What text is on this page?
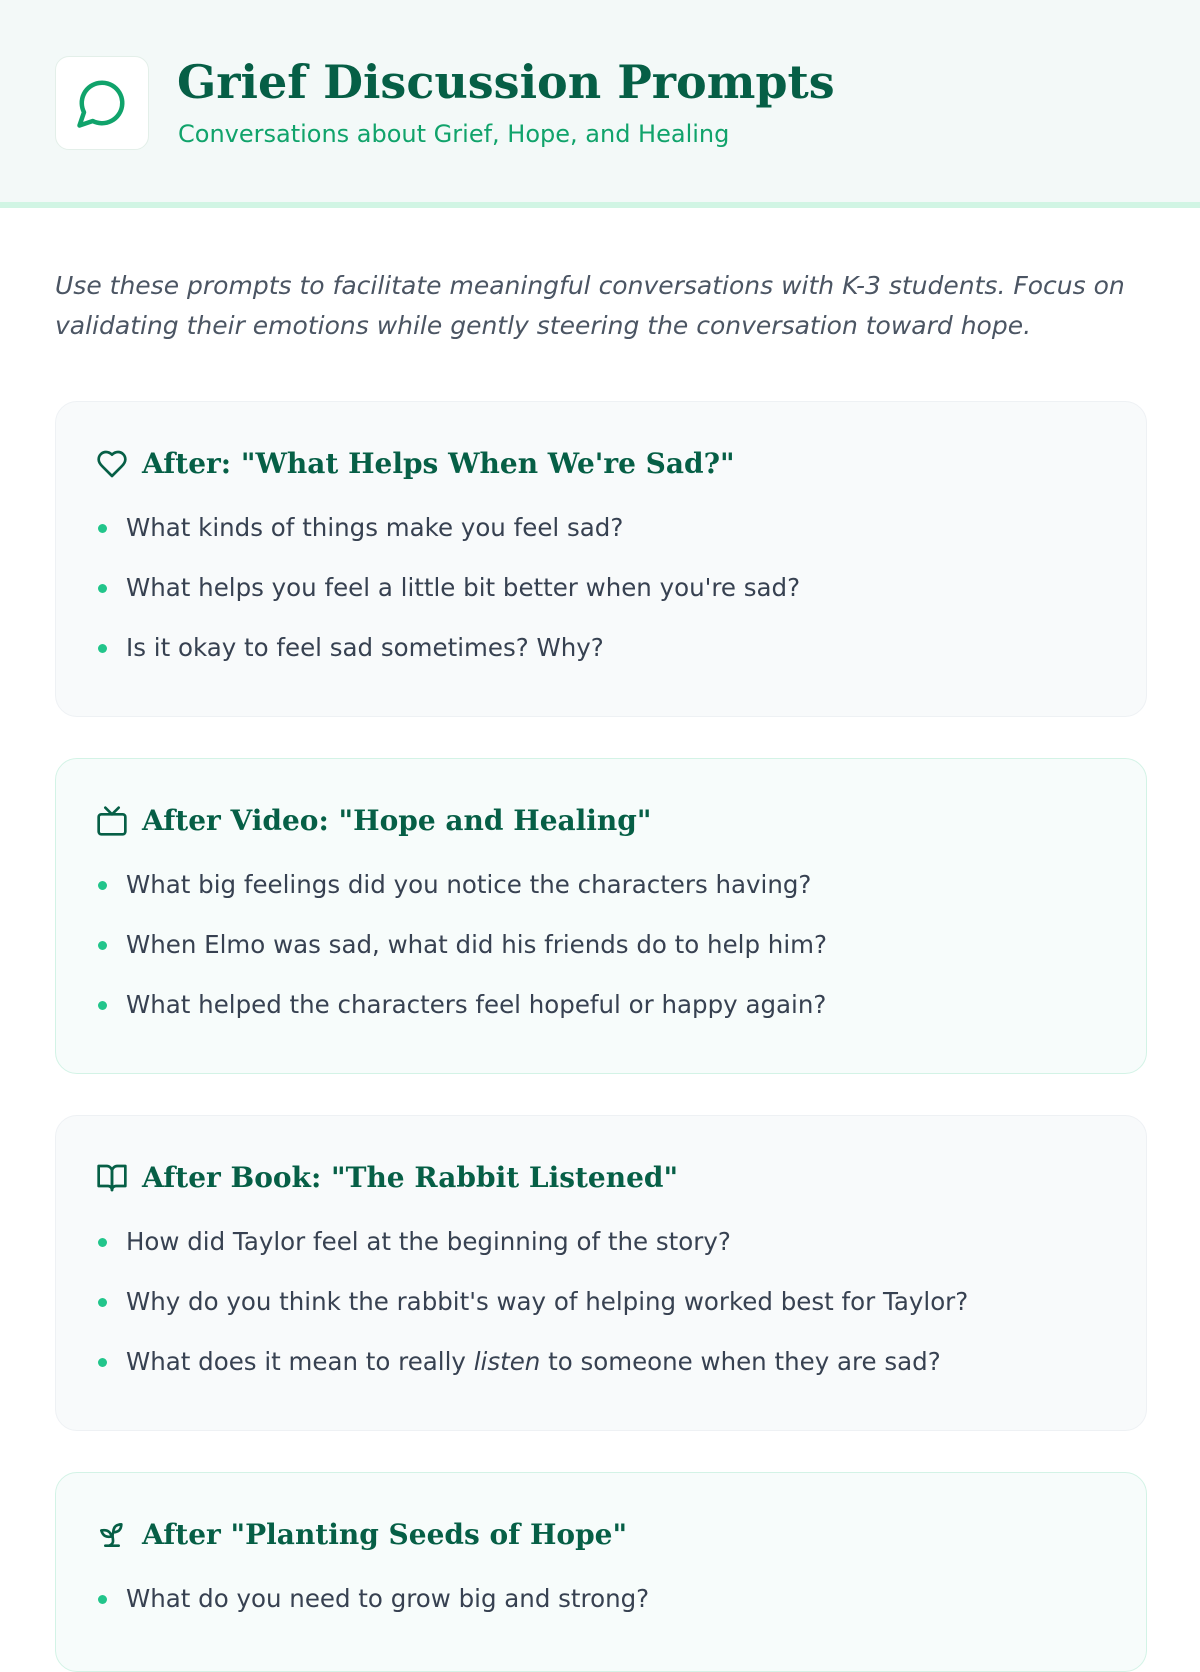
Grief Discussion Prompts

Conversations about Grief, Hope, and Healing

Use these prompts to facilitate meaningful conversations with K-3 students. Focus on validating their emotions while gently steering the conversation toward hope.

After: "What Helps When We're Sad?"
What kinds of things make you feel sad?
What helps you feel a little bit better when you're sad?
Is it okay to feel sad sometimes? Why?
After Video: "Hope and Healing"
What big feelings did you notice the characters having?
When Elmo was sad, what did his friends do to help him?
What helped the characters feel hopeful or happy again?
After Book: "The Rabbit Listened"
How did Taylor feel at the beginning of the story?
Why do you think the rabbit's way of helping worked best for Taylor?
What does it mean to really listen to someone when they are sad?
After "Planting Seeds of Hope"
What do you need to grow big and strong?
